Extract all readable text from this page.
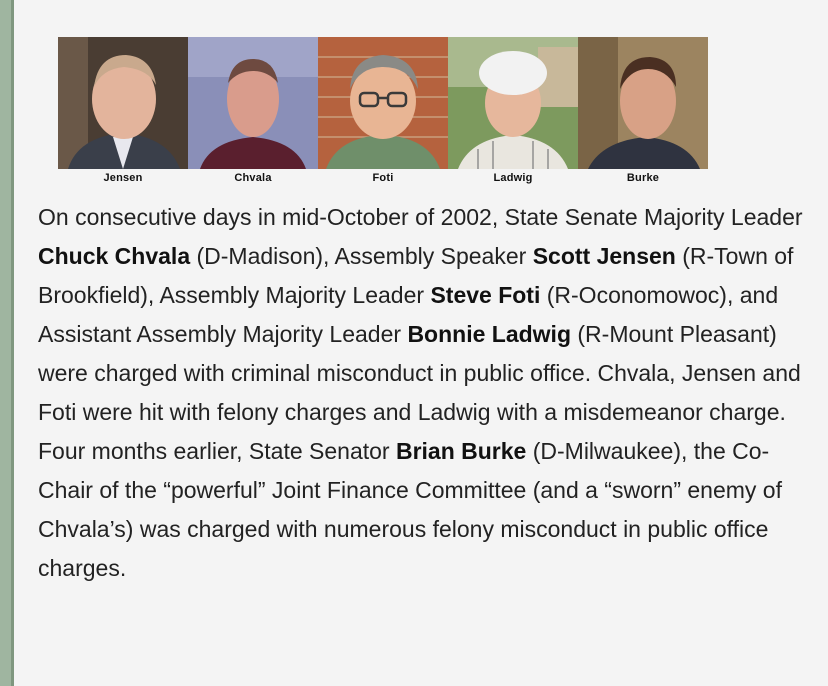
Jensen	Chvala	Foti	Ladwig	Burke

On consecutive days in mid-October of 2002, State Senate Majority Leader Chuck Chvala (D-Madison), Assembly Speaker Scott Jensen (R-Town of Brookfield), Assembly Majority Leader Steve Foti (R-Oconomowoc), and Assistant Assembly Majority Leader Bonnie Ladwig (R-Mount Pleasant) were charged with criminal misconduct in public office. Chvala, Jensen and Foti were hit with felony charges and Ladwig with a misdemeanor charge. Four months earlier, State Senator Brian Burke (D-Milwaukee), the Co-Chair of the “powerful” Joint Finance Committee (and a “sworn” enemy of Chvala’s) was charged with numerous felony misconduct in public office charges.
